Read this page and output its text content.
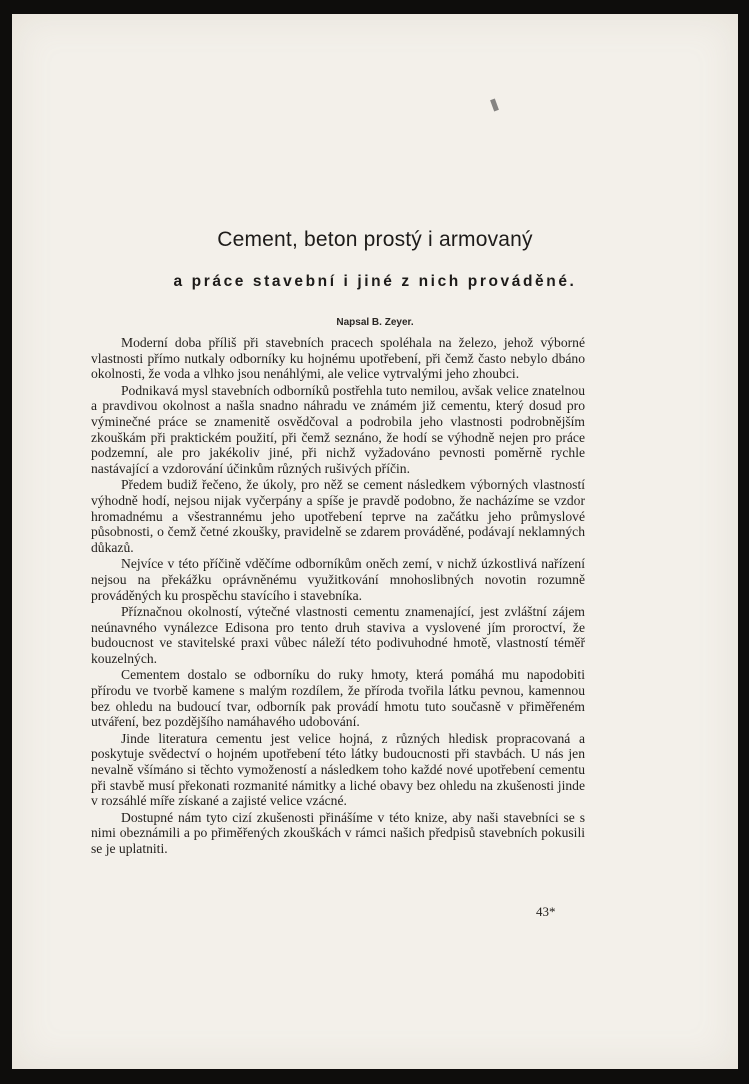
Cement, beton prostý i armovaný
a práce stavební i jiné z nich prováděné.
Napsal B. Zeyer.

Moderní doba příliš při stavebních pracech spoléhala na železo, jehož výborné vlastnosti přímo nutkaly odborníky ku hojnému upotřebení, při čemž často nebylo dbáno okolnosti, že voda a vlhko jsou nenáhlými, ale velice vytrvalými jeho zhoubci.

Podnikavá mysl stavebních odborníků postřehla tuto nemilou, avšak velice znatelnou a pravdivou okolnost a našla snadno náhradu ve známém již cementu, který dosud pro výminečné práce se znamenitě osvědčoval a podrobila jeho vlastnosti podrobnějším zkouškám při praktickém použití, při čemž seznáno, že hodí se výhodně nejen pro práce podzemní, ale pro jakékoliv jiné, při nichž vyžadováno pevnosti poměrně rychle nastávající a vzdorování účinkům různých rušivých příčin.

Předem budiž řečeno, že úkoly, pro něž se cement následkem výborných vlastností výhodně hodí, nejsou nijak vyčerpány a spíše je pravdě podobno, že nacházíme se vzdor hromadnému a všestrannému jeho upotřebení teprve na začátku jeho průmyslové působnosti, o čemž četné zkoušky, pravidelně se zdarem prováděné, podávají neklamných důkazů.

Nejvíce v této příčině vděčíme odborníkům oněch zemí, v nichž úzkostlivá nařízení nejsou na překážku oprávněnému využitkování mnohoslibných novotin rozumně prováděných ku prospěchu stavícího i stavebníka.

Příznačnou okolností, výtečné vlastnosti cementu znamenající, jest zvláštní zájem neúnavného vynálezce Edisona pro tento druh staviva a vyslovené jím proroctví, že budoucnost ve stavitelské praxi vůbec náleží této podivuhodné hmotě, vlastností téměř kouzelných.

Cementem dostalo se odborníku do ruky hmoty, která pomáhá mu napodobiti přírodu ve tvorbě kamene s malým rozdílem, že příroda tvořila látku pevnou, kamennou bez ohledu na budoucí tvar, odborník pak provádí hmotu tuto současně v přiměřeném utváření, bez pozdějšího namáhavého udobování.

Jinde literatura cementu jest velice hojná, z různých hledisk propracovaná a poskytuje svědectví o hojném upotřebení této látky budoucnosti při stavbách. U nás jen nevalně všímáno si těchto vymožeností a následkem toho každé nové upotřebení cementu při stavbě musí překonati rozmanité námitky a liché obavy bez ohledu na zkušenosti jinde v rozsáhlé míře získané a zajisté velice vzácné.

Dostupné nám tyto cizí zkušenosti přinášíme v této knize, aby naši stavebníci se s nimi obeznámili a po přiměřených zkouškách v rámci našich předpisů stavebních pokusili se je uplatniti.

43*
